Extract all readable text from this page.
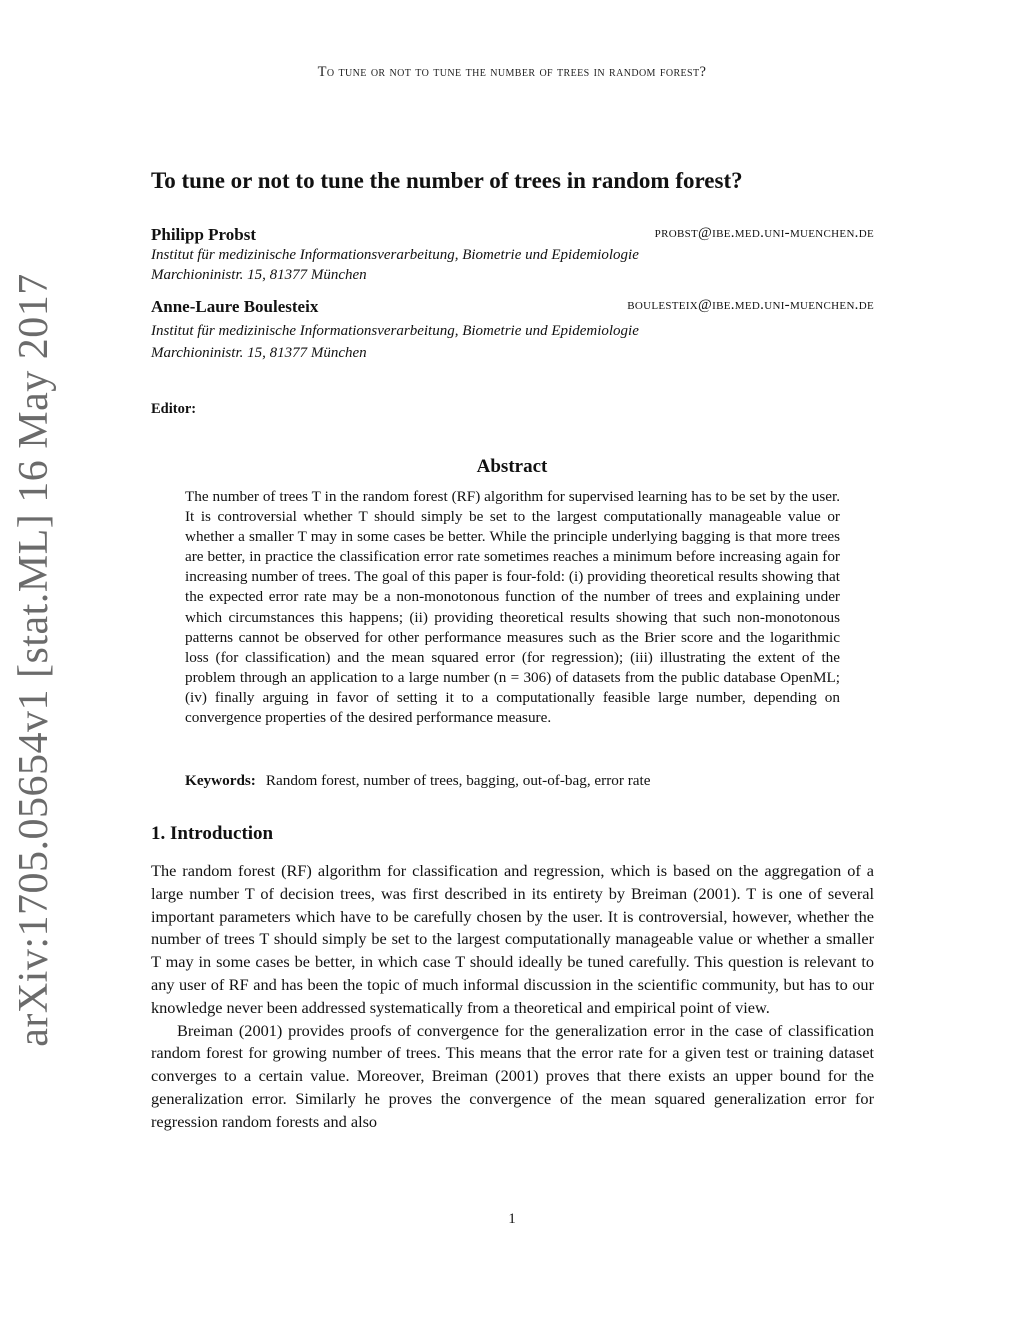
arXiv:1705.05654v1 [stat.ML] 16 May 2017
To tune or not to tune the number of trees in random forest?
To tune or not to tune the number of trees in random forest?
Philipp Probst	probst@ibe.med.uni-muenchen.de
Institut für medizinische Informationsverarbeitung, Biometrie und Epidemiologie
Marchioninistr. 15, 81377 München
Anne-Laure Boulesteix	boulesteix@ibe.med.uni-muenchen.de
Institut für medizinische Informationsverarbeitung, Biometrie und Epidemiologie
Marchioninistr. 15, 81377 München
Editor:
Abstract
The number of trees T in the random forest (RF) algorithm for supervised learning has to be set by the user. It is controversial whether T should simply be set to the largest computationally manageable value or whether a smaller T may in some cases be better. While the principle underlying bagging is that more trees are better, in practice the classification error rate sometimes reaches a minimum before increasing again for increasing number of trees. The goal of this paper is four-fold: (i) providing theoretical results showing that the expected error rate may be a non-monotonous function of the number of trees and explaining under which circumstances this happens; (ii) providing theoretical results showing that such non-monotonous patterns cannot be observed for other performance measures such as the Brier score and the logarithmic loss (for classification) and the mean squared error (for regression); (iii) illustrating the extent of the problem through an application to a large number (n = 306) of datasets from the public database OpenML; (iv) finally arguing in favor of setting it to a computationally feasible large number, depending on convergence properties of the desired performance measure.
Keywords: Random forest, number of trees, bagging, out-of-bag, error rate
1. Introduction

The random forest (RF) algorithm for classification and regression, which is based on the aggregation of a large number T of decision trees, was first described in its entirety by Breiman (2001). T is one of several important parameters which have to be carefully chosen by the user. It is controversial, however, whether the number of trees T should simply be set to the largest computationally manageable value or whether a smaller T may in some cases be better, in which case T should ideally be tuned carefully. This question is relevant to any user of RF and has been the topic of much informal discussion in the scientific community, but has to our knowledge never been addressed systematically from a theoretical and empirical point of view.

Breiman (2001) provides proofs of convergence for the generalization error in the case of classification random forest for growing number of trees. This means that the error rate for a given test or training dataset converges to a certain value. Moreover, Breiman (2001) proves that there exists an upper bound for the generalization error. Similarly he proves the convergence of the mean squared generalization error for regression random forests and also

1
